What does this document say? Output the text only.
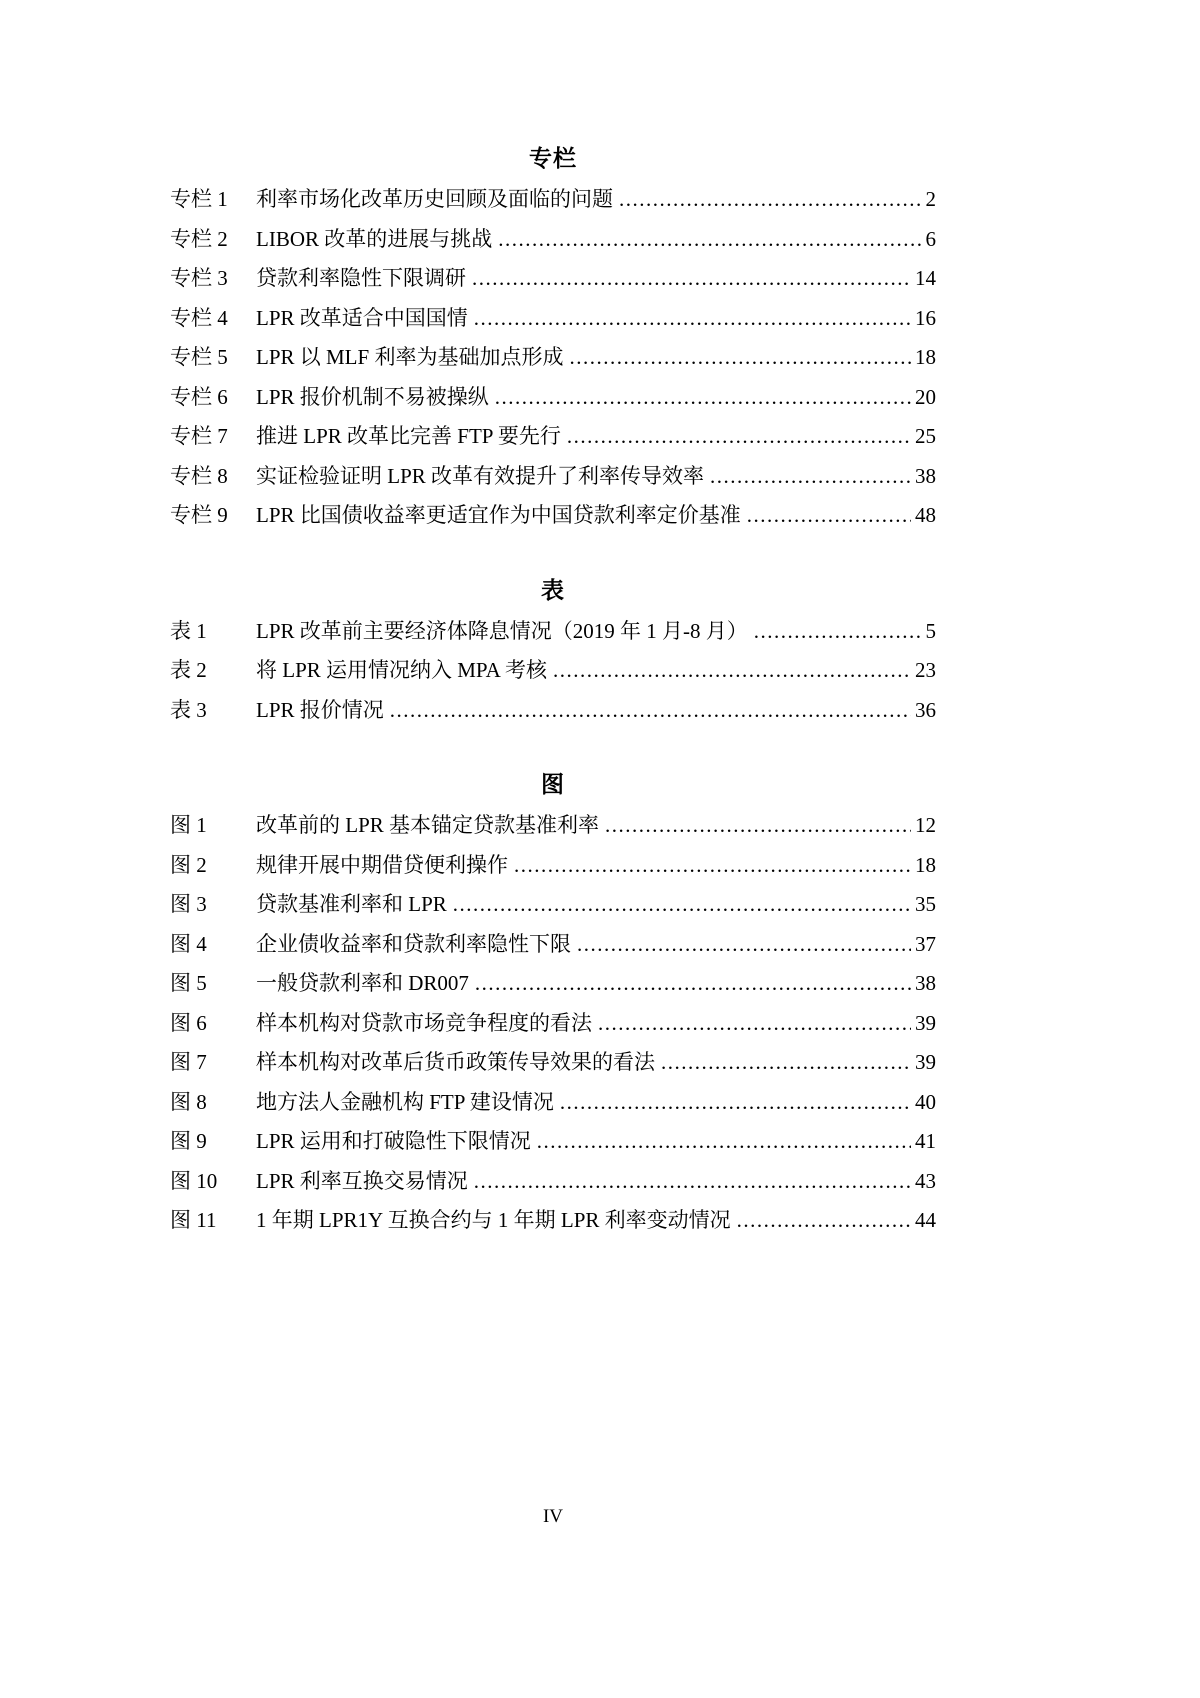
专栏
专栏 1	利率市场化改革历史回顾及面临的问题 .....	2
专栏 2	LIBOR 改革的进展与挑战 .....	6
专栏 3	贷款利率隐性下限调研 .....	14
专栏 4	LPR 改革适合中国国情 .....	16
专栏 5	LPR 以 MLF 利率为基础加点形成 .....	18
专栏 6	LPR 报价机制不易被操纵 .....	20
专栏 7	推进 LPR 改革比完善 FTP 要先行 .....	25
专栏 8	实证检验证明 LPR 改革有效提升了利率传导效率 .....	38
专栏 9	LPR 比国债收益率更适宜作为中国贷款利率定价基准 .....	48
表
表 1	LPR 改革前主要经济体降息情况（2019 年 1 月-8 月） .....	5
表 2	将 LPR 运用情况纳入 MPA 考核 .....	23
表 3	LPR 报价情况 .....	36
图
图 1	改革前的 LPR 基本锚定贷款基准利率 .....	12
图 2	规律开展中期借贷便利操作 .....	18
图 3	贷款基准利率和 LPR .....	35
图 4	企业债收益率和贷款利率隐性下限 .....	37
图 5	一般贷款利率和 DR007 .....	38
图 6	样本机构对贷款市场竞争程度的看法 .....	39
图 7	样本机构对改革后货币政策传导效果的看法 .....	39
图 8	地方法人金融机构 FTP 建设情况 .....	40
图 9	LPR 运用和打破隐性下限情况 .....	41
图 10	LPR 利率互换交易情况 .....	43
图 11	1 年期 LPR1Y 互换合约与 1 年期 LPR 利率变动情况 .....	44
IV
